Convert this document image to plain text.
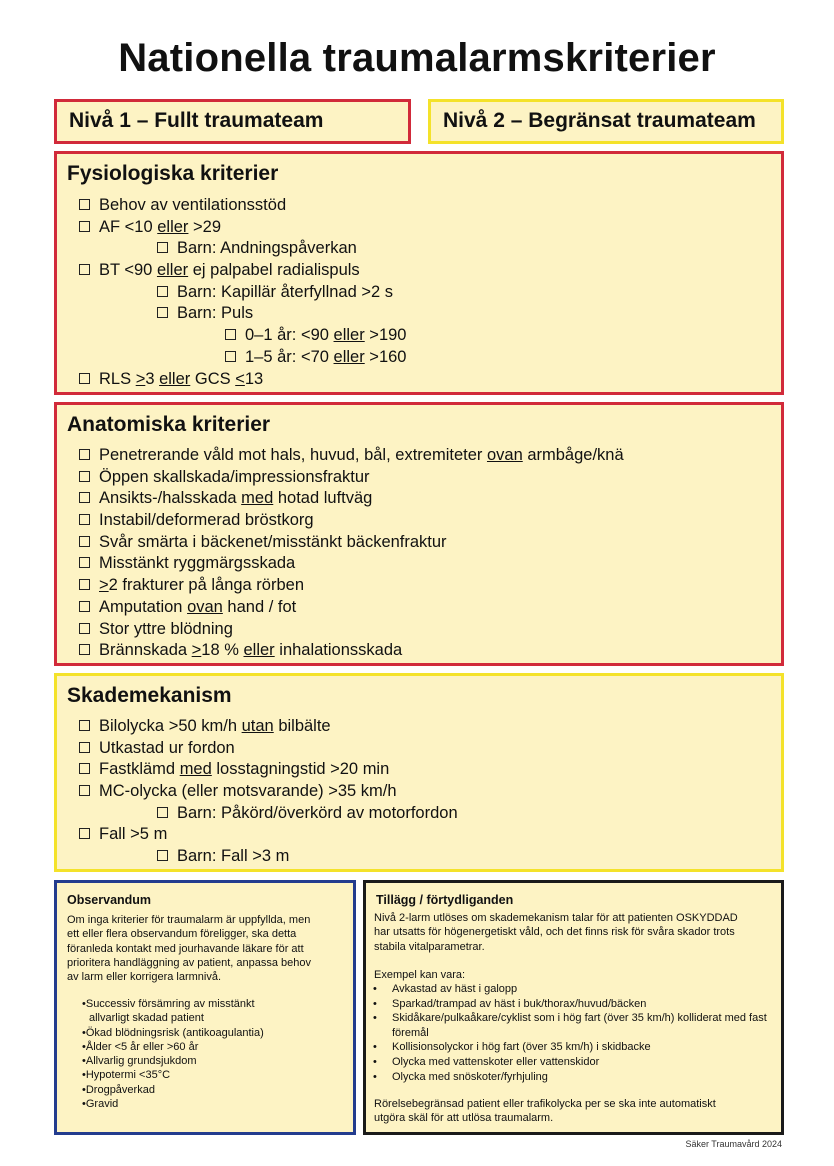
Nationella traumalarmskriterier

Nivå 1 – Fullt traumateam	Nivå 2 – Begränsat traumateam

Fysiologiska kriterier
Behov av ventilationsstöd
AF <10 eller >29
Barn: Andningspåverkan
BT <90 eller ej palpabel radialispuls
Barn: Kapillär återfyllnad >2 s
Barn: Puls
0–1 år: <90 eller >190
1–5 år: <70 eller >160
RLS >3 eller GCS <13
Anatomiska kriterier
Penetrerande våld mot hals, huvud, bål, extremiteter ovan armbåge/knä
Öppen skallskada/impressionsfraktur
Ansikts-/halsskada med hotad luftväg
Instabil/deformerad bröstkorg
Svår smärta i bäckenet/misstänkt bäckenfraktur
Misstänkt ryggmärgsskada
>2 frakturer på långa rörben
Amputation ovan hand / fot
Stor yttre blödning
Brännskada >18 % eller inhalationsskada
Skademekanism
Bilolycka >50 km/h utan bilbälte
Utkastad ur fordon
Fastklämd med losstagningstid >20 min
MC-olycka (eller motsvarande) >35 km/h
Barn: Påkörd/överkörd av motorfordon
Fall >5 m
Barn: Fall >3 m
Observandum

Om inga kriterier för traumalarm är uppfyllda, men

ett eller flera observandum föreligger, ska detta

föranleda kontakt med jourhavande läkare för att

prioritera handläggning av patient, anpassa behov

av larm eller korrigera larmnivå.

•Successiv försämring av misstänkt allvarligt skadad patient
•Ökad blödningsrisk (antikoagulantia)
•Ålder <5 år eller >60 år
•Allvarlig grundsjukdom
•Hypotermi <35°C
•Drogpåverkad
•Gravid
Tillägg / förtydliganden

Nivå 2-larm utlöses om skademekanism talar för att patienten OSKYDDAD

har utsatts för högenergetiskt våld, och det finns risk för svåra skador trots

stabila vitalparametrar.

Exempel kan vara:

• Avkastad av häst i galopp
• Sparkad/trampad av häst i buk/thorax/huvud/bäcken
• Skidåkare/pulkaåkare/cyklist som i hög fart (över 35 km/h) kolliderat med fast föremål
• Kollisionsolyckor i hög fart (över 35 km/h) i skidbacke
• Olycka med vattenskoter eller vattenskidor
• Olycka med snöskoter/fyrhjuling

Rörelsebegränsad patient eller trafikolycka per se ska inte automatiskt

utgöra skäl för att utlösa traumalarm.

Säker Traumavård 2024
